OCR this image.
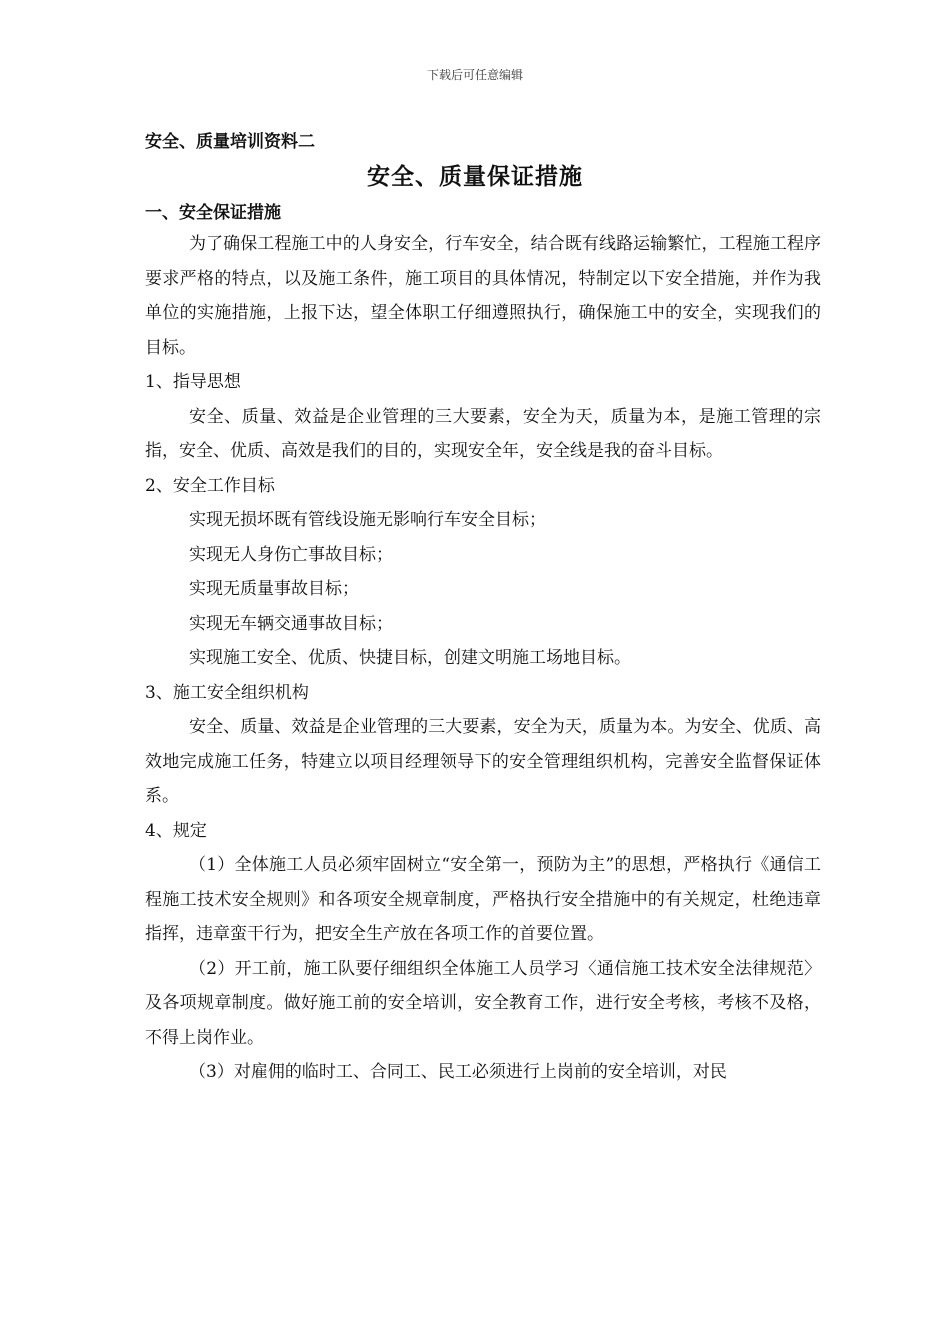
下载后可任意编辑
安全、质量培训资料二
安全、质量保证措施

一、安全保证措施

为了确保工程施工中的人身安全，行车安全，结合既有线路运输繁忙，工程施工程序要求严格的特点，以及施工条件，施工项目的具体情况，特制定以下安全措施，并作为我单位的实施措施，上报下达，望全体职工仔细遵照执行，确保施工中的安全，实现我们的目标。

1、指导思想

安全、质量、效益是企业管理的三大要素，安全为天，质量为本，是施工管理的宗指，安全、优质、高效是我们的目的，实现安全年，安全线是我的奋斗目标。

2、安全工作目标

实现无损坏既有管线设施无影响行车安全目标；

实现无人身伤亡事故目标；

实现无质量事故目标；

实现无车辆交通事故目标；

实现施工安全、优质、快捷目标，创建文明施工场地目标。

3、施工安全组织机构

安全、质量、效益是企业管理的三大要素，安全为天，质量为本。为安全、优质、高效地完成施工任务，特建立以项目经理领导下的安全管理组织机构，完善安全监督保证体系。

4、规定

（1）全体施工人员必须牢固树立“安全第一，预防为主”的思想，严格执行《通信工程施工技术安全规则》和各项安全规章制度，严格执行安全措施中的有关规定，杜绝违章指挥，违章蛮干行为，把安全生产放在各项工作的首要位置。

（2）开工前，施工队要仔细组织全体施工人员学习〈通信施工技术安全法律规范〉及各项规章制度。做好施工前的安全培训，安全教育工作，进行安全考核，考核不及格，不得上岗作业。

（3）对雇佣的临时工、合同工、民工必须进行上岗前的安全培训，对民
